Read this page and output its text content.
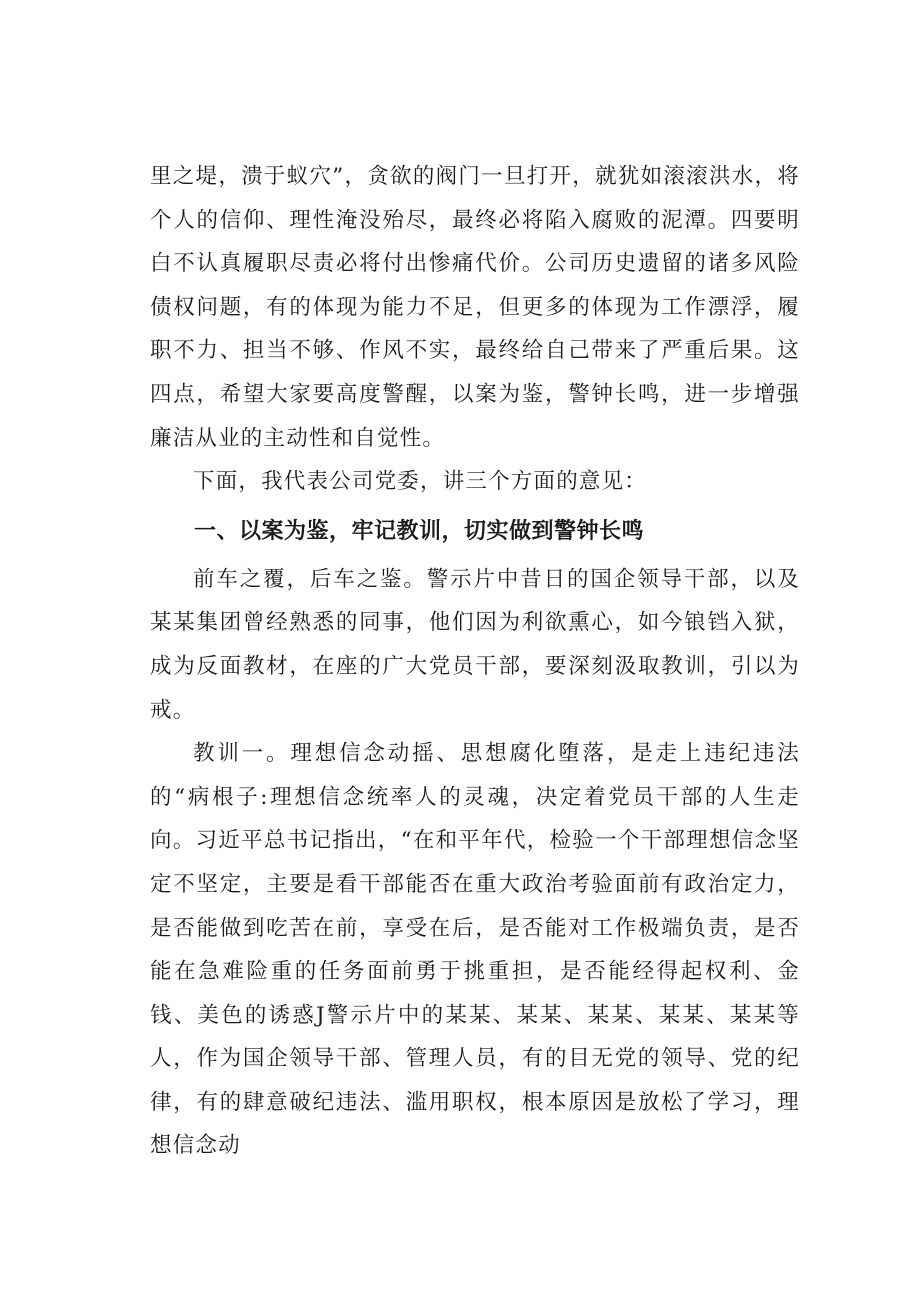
里之堤，溃于蚁穴”，贪欲的阀门一旦打开，就犹如滚滚洪水，将个人的信仰、理性淹没殆尽，最终必将陷入腐败的泥潭。四要明白不认真履职尽责必将付出惨痛代价。公司历史遗留的诸多风险债权问题，有的体现为能力不足，但更多的体现为工作漂浮，履职不力、担当不够、作风不实，最终给自己带来了严重后果。这四点，希望大家要高度警醒，以案为鉴，警钟长鸣，进一步增强廉洁从业的主动性和自觉性。

下面，我代表公司党委，讲三个方面的意见：

一、以案为鉴，牢记教训，切实做到警钟长鸣

前车之覆，后车之鉴。警示片中昔日的国企领导干部，以及某某集团曾经熟悉的同事，他们因为利欲熏心，如今锒铛入狱，成为反面教材，在座的广大党员干部，要深刻汲取教训，引以为戒。

教训一。理想信念动摇、思想腐化堕落，是走上违纪违法的“病根子:理想信念统率人的灵魂，决定着党员干部的人生走向。习近平总书记指出，“在和平年代，检验一个干部理想信念坚定不坚定，主要是看干部能否在重大政治考验面前有政治定力，是否能做到吃苦在前，享受在后，是否能对工作极端负责，是否能在急难险重的任务面前勇于挑重担，是否能经得起权利、金钱、美色的诱惑J警示片中的某某、某某、某某、某某、某某等人，作为国企领导干部、管理人员，有的目无党的领导、党的纪律，有的肆意破纪违法、滥用职权，根本原因是放松了学习，理想信念动
